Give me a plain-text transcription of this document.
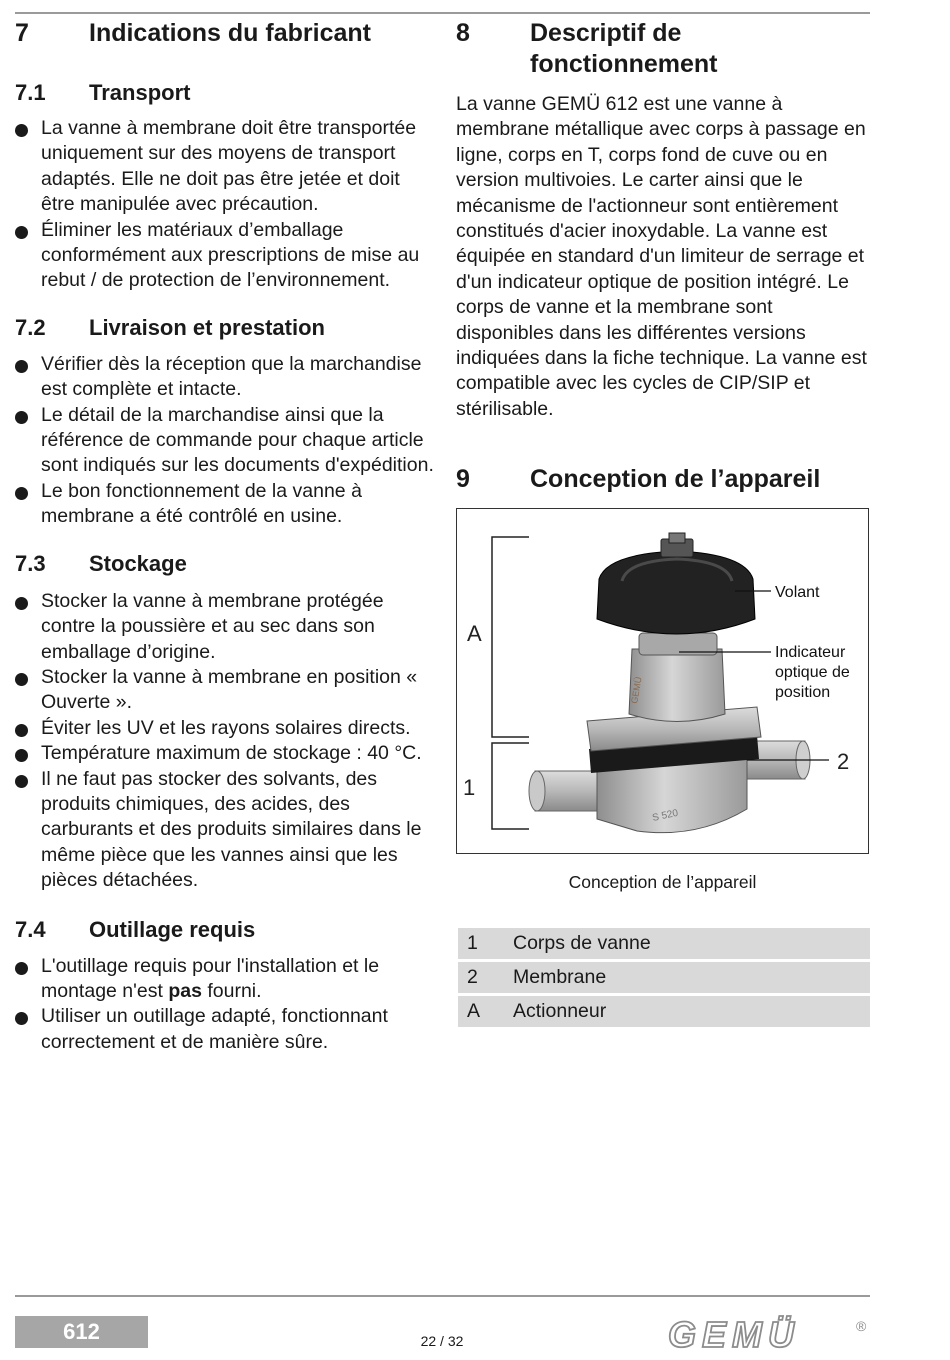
7	Indications du fabricant
7.1	Transport
La vanne à membrane doit être transportée uniquement sur des moyens de transport adaptés. Elle ne doit pas être jetée et doit être manipulée avec précaution.
Éliminer les matériaux d’emballage conformément aux prescriptions de mise au rebut / de protection de l’environnement.
7.2	Livraison et prestation
Vérifier dès la réception que la marchandise est complète et intacte.
Le détail de la marchandise ainsi que la référence de commande pour chaque article sont indiqués sur les documents d'expédition.
Le bon fonctionnement de la vanne à membrane a été contrôlé en usine.
7.3	Stockage
Stocker la vanne à membrane protégée contre la poussière et au sec dans son emballage d’origine.
Stocker la vanne à membrane en position « Ouverte ».
Éviter les UV et les rayons solaires directs.
Température maximum de stockage : 40 °C.
Il ne faut pas stocker des solvants, des produits chimiques, des acides, des carburants et des produits similaires dans le même pièce que les vannes ainsi que les pièces détachées.
7.4	Outillage requis
L'outillage requis pour l'installation et le montage n'est pas fourni.
Utiliser un outillage adapté, fonctionnant correctement et de manière sûre.
8	Descriptif de
fonctionnement

La vanne GEMÜ 612 est une vanne à membrane métallique avec corps à passage en ligne, corps en T, corps fond de cuve ou en version multivoies. Le carter ainsi que le mécanisme de l'actionneur sont entièrement constitués d'acier inoxydable. La vanne est équipée en standard d'un limiteur de serrage et d'un indicateur optique de position intégré. Le corps de vanne et la membrane sont disponibles dans les différentes versions indiquées dans la fiche technique. La vanne est compatible avec les cycles de CIP/SIP et stérilisable.

9	Conception de l’appareil
A
1
2
S 520
GEMÜ
Volant
Indicateur
optique de
position
Conception de l’appareil
1	Corps de vanne
2	Membrane
A	Actionneur
612	22 / 32	GEMÜ	®
